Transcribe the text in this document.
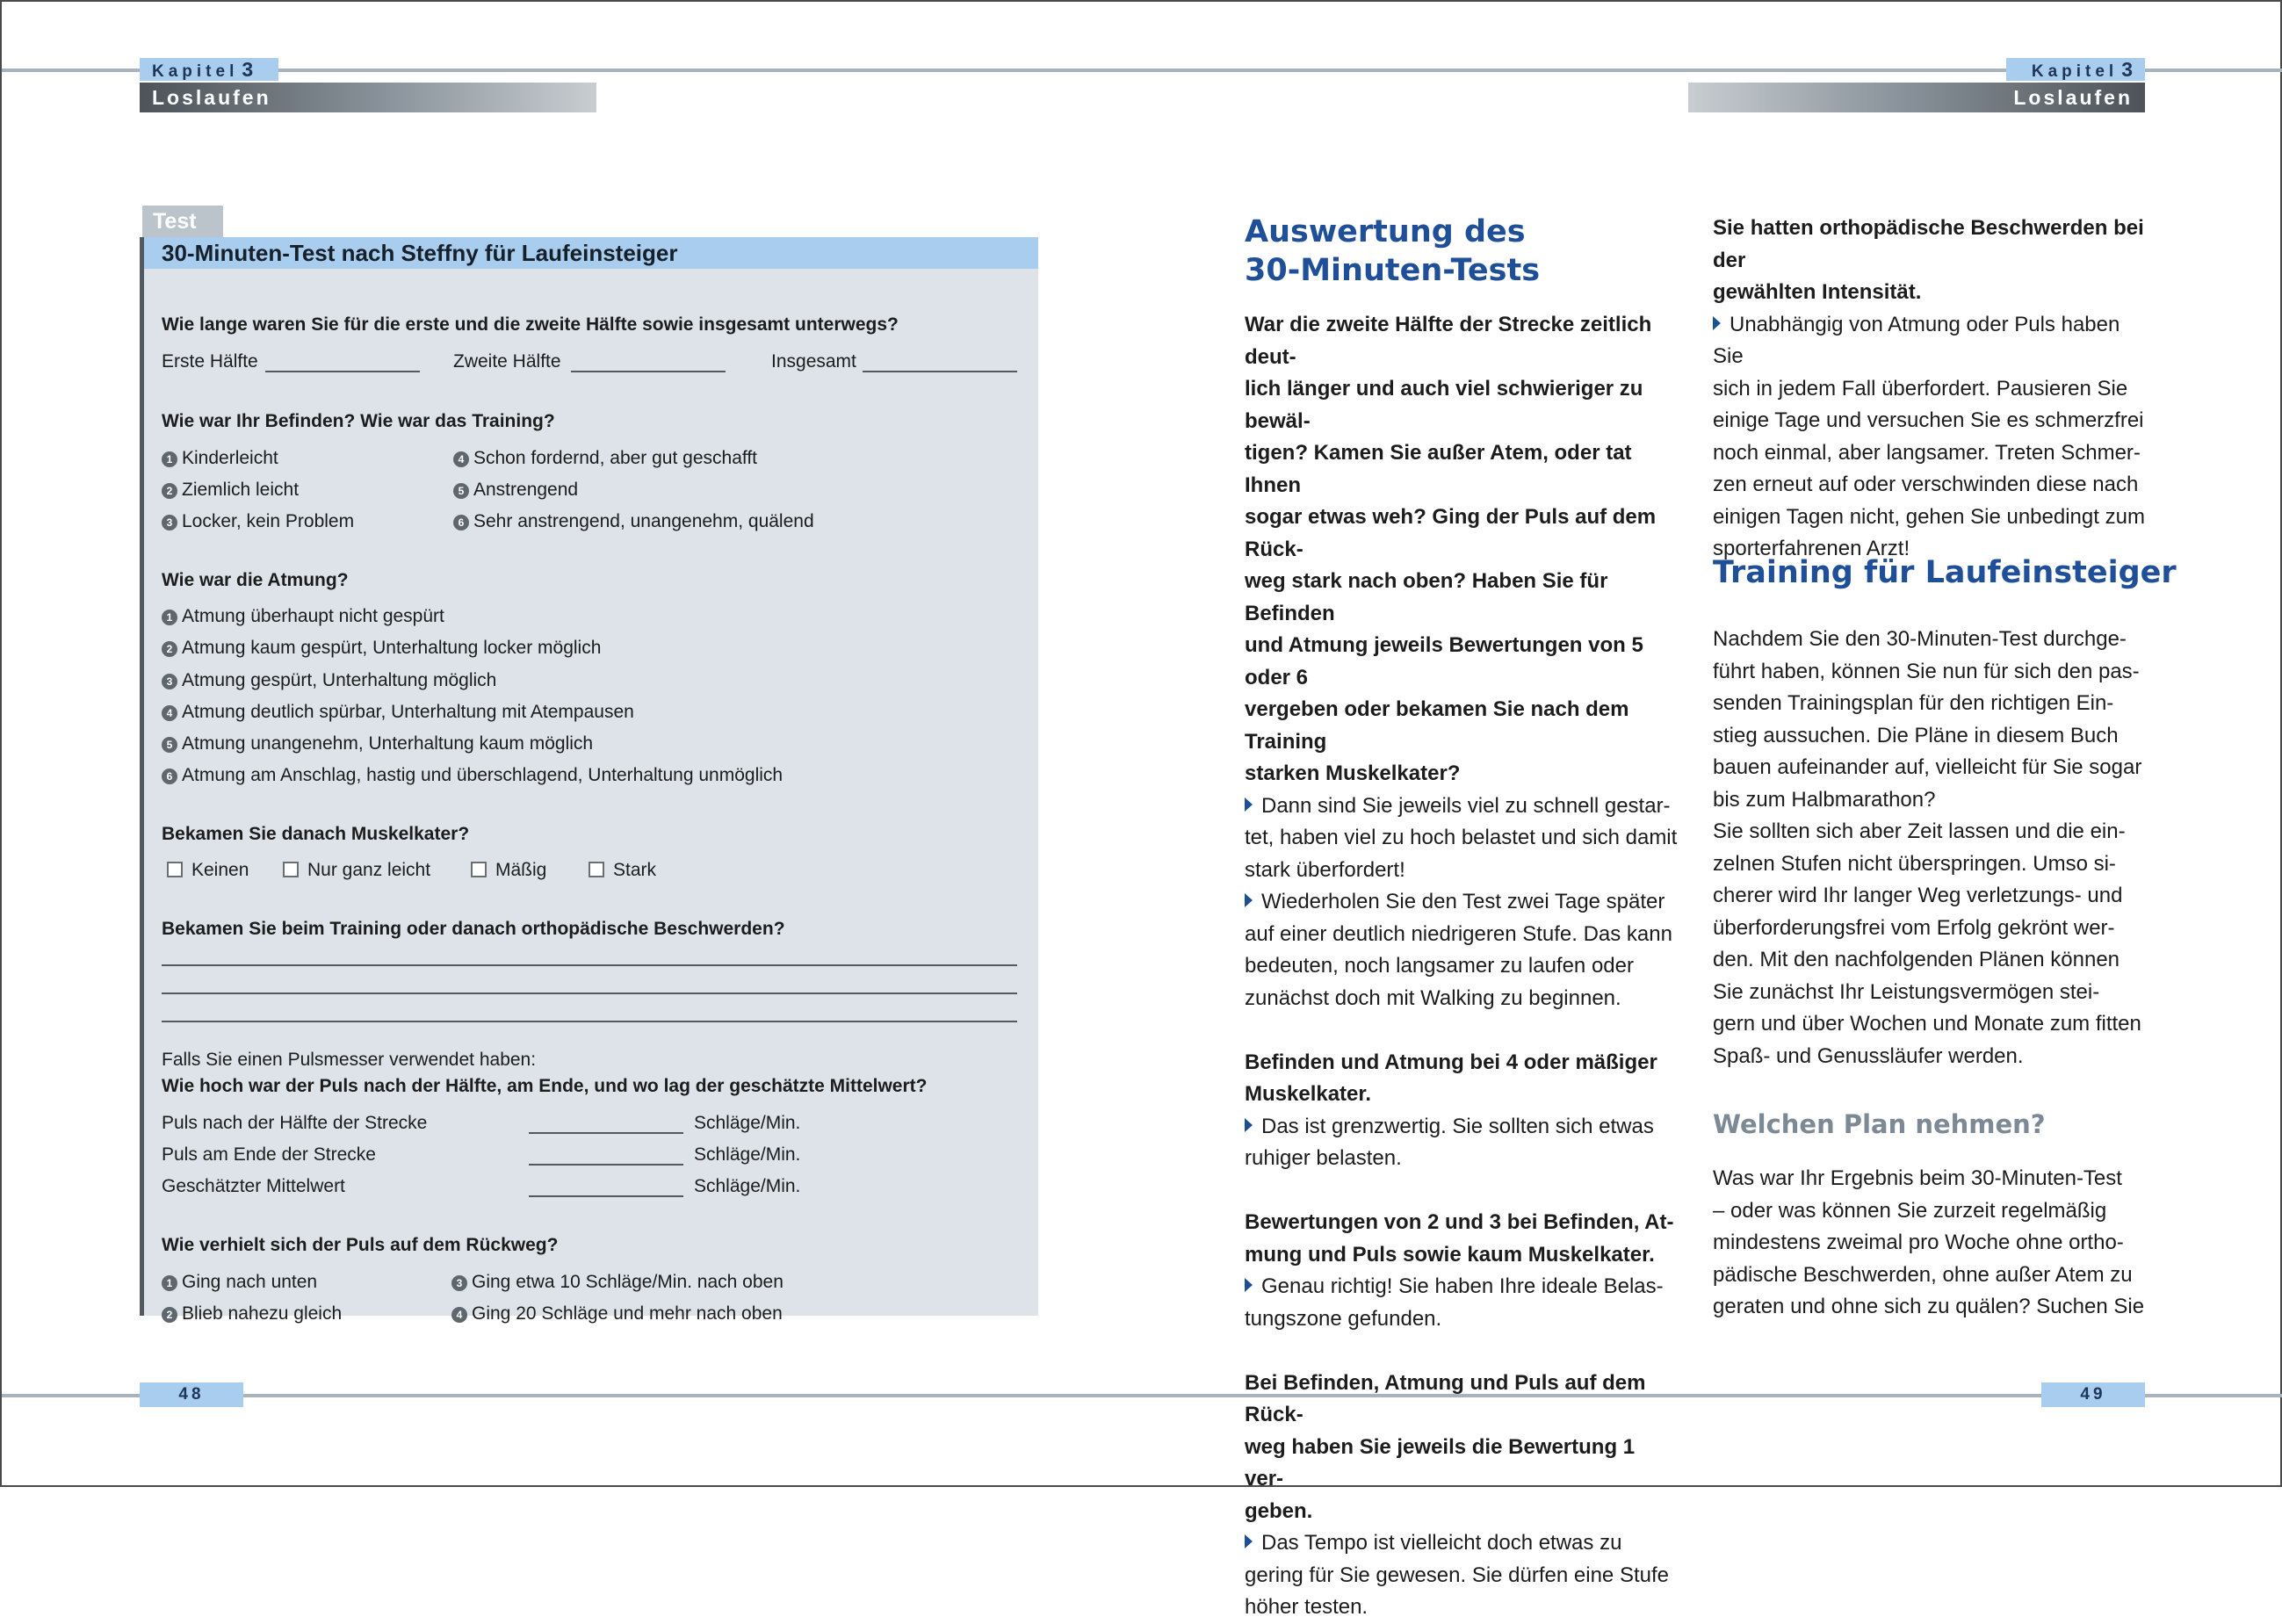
Kapitel 3
Loslaufen
Kapitel 3
Loslaufen
48	49
Test
30-Minuten-Test nach Steffny für Laufeinsteiger
Wie lange waren Sie für die erste und die zweite Hälfte sowie insgesamt unterwegs?
Erste Hälfte	Zweite Hälfte	Insgesamt
Wie war Ihr Befinden? Wie war das Training?
1 Kinderleicht
2 Ziemlich leicht
3 Locker, kein Problem
4 Schon fordernd, aber gut geschafft
5 Anstrengend
6 Sehr anstrengend, unangenehm, quälend
Wie war die Atmung?
1 Atmung überhaupt nicht gespürt
2 Atmung kaum gespürt, Unterhaltung locker möglich
3 Atmung gespürt, Unterhaltung möglich
4 Atmung deutlich spürbar, Unterhaltung mit Atempausen
5 Atmung unangenehm, Unterhaltung kaum möglich
6 Atmung am Anschlag, hastig und überschlagend, Unterhaltung unmöglich
Bekamen Sie danach Muskelkater?
Keinen	Nur ganz leicht	Mäßig	Stark
Bekamen Sie beim Training oder danach orthopädische Beschwerden?
Falls Sie einen Pulsmesser verwendet haben:
Wie hoch war der Puls nach der Hälfte, am Ende, und wo lag der geschätzte Mittelwert?
Puls nach der Hälfte der Strecke	Schläge/Min.
Puls am Ende der Strecke	Schläge/Min.
Geschätzter Mittelwert	Schläge/Min.
Wie verhielt sich der Puls auf dem Rückweg?
1 Ging nach unten
2 Blieb nahezu gleich
3 Ging etwa 10 Schläge/Min. nach oben
4 Ging 20 Schläge und mehr nach oben
Auswertung des
30-Minuten-Tests
War die zweite Hälfte der Strecke zeitlich deut-
lich länger und auch viel schwieriger zu bewäl-
tigen? Kamen Sie außer Atem, oder tat Ihnen
sogar etwas weh? Ging der Puls auf dem Rück-
weg stark nach oben? Haben Sie für Befinden
und Atmung jeweils Bewertungen von 5 oder 6
vergeben oder bekamen Sie nach dem Training
starken Muskelkater?
Dann sind Sie jeweils viel zu schnell gestar-
tet, haben viel zu hoch belastet und sich damit
stark überfordert!
Wiederholen Sie den Test zwei Tage später
auf einer deutlich niedrigeren Stufe. Das kann
bedeuten, noch langsamer zu laufen oder
zunächst doch mit Walking zu beginnen.
Befinden und Atmung bei 4 oder mäßiger
Muskelkater.
Das ist grenzwertig. Sie sollten sich etwas
ruhiger belasten.
Bewertungen von 2 und 3 bei Befinden, At-
mung und Puls sowie kaum Muskelkater.
Genau richtig! Sie haben Ihre ideale Belas-
tungszone gefunden.
Bei Befinden, Atmung und Puls auf dem Rück-
weg haben Sie jeweils die Bewertung 1 ver-
geben.
Das Tempo ist vielleicht doch etwas zu
gering für Sie gewesen. Sie dürfen eine Stufe
höher testen.
Sie hatten orthopädische Beschwerden bei der
gewählten Intensität.
Unabhängig von Atmung oder Puls haben Sie
sich in jedem Fall überfordert. Pausieren Sie
einige Tage und versuchen Sie es schmerzfrei
noch einmal, aber langsamer. Treten Schmer-
zen erneut auf oder verschwinden diese nach
einigen Tagen nicht, gehen Sie unbedingt zum
sporterfahrenen Arzt!
Training für Laufeinsteiger
Nachdem Sie den 30-Minuten-Test durchge-
führt haben, können Sie nun für sich den pas-
senden Trainingsplan für den richtigen Ein-
stieg aussuchen. Die Pläne in diesem Buch
bauen aufeinander auf, vielleicht für Sie sogar
bis zum Halbmarathon?
Sie sollten sich aber Zeit lassen und die ein-
zelnen Stufen nicht überspringen. Umso si-
cherer wird Ihr langer Weg verletzungs- und
überforderungsfrei vom Erfolg gekrönt wer-
den. Mit den nachfolgenden Plänen können
Sie zunächst Ihr Leistungsvermögen stei-
gern und über Wochen und Monate zum fitten
Spaß- und Genussläufer werden.
Welchen Plan nehmen?
Was war Ihr Ergebnis beim 30-Minuten-Test
– oder was können Sie zurzeit regelmäßig
mindestens zweimal pro Woche ohne ortho-
pädische Beschwerden, ohne außer Atem zu
geraten und ohne sich zu quälen? Suchen Sie
